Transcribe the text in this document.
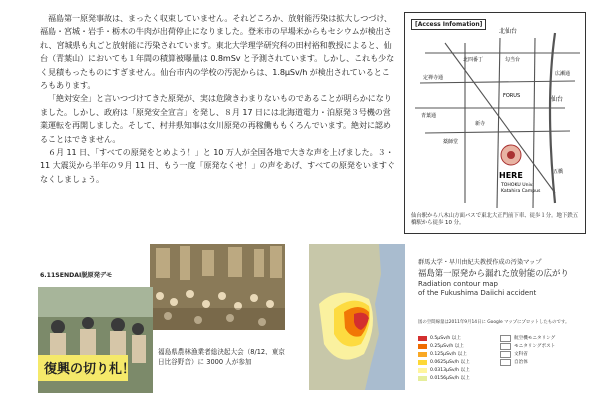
　福島第一原発事故は、まったく収束していません。それどころか、放射能汚染は拡大しつづけ、福島・宮城・岩手・栃木の牛肉が出荷停止になりました。登米市の早場米からもセシウムが検出され、宮城県も丸ごと放射能に汚染されています。東北大学理学研究科の田村裕和教授によると、仙台（青葉山）においても１年間の積算被曝量は 0.8mSv と予測されています。しかし、これも少なく見積もったものにすぎません。仙台市内の学校の汚泥からは、1.8μSv/h が検出されているところもあります。

「絶対安全」と言いつづけてきた原発が、実は危険きわまりないものであることが明らかになりました。しかし、政府は「原発安全宣言」を発し、８月 17 日には北海道電力・泊原発３号機の営業運転を再開しました。そして、村井県知事は女川原発の再稼働ももくろんでいます。絶対に認めることはできません。

６月 11 日、「すべての原発をとめよう！」と 10 万人が全国各地で大きな声を上げました。３・11 大震災から半年の９月 11 日、もう一度「原発なくせ！」の声をあげ、すべての原発をいますぐなくしましょう。

北仙台
北四番丁	勾当台
定禅寺通
FORUS	仙台
青葉通
広瀬通
新寺
薬師堂
HERE
TOHOKU Univ.
Katahira Campus
五橋
[Access Infomation]
仙台駅から八木山方面バスで東北大正門前下車、徒歩１分。地下鉄五橋駅から徒歩 10 分。
6.11SENDAI脱原発デモ
復興の切り札！
福島県農林漁業者総決起大会（8/12、東京日比谷野音）に 3000 人が参加
群馬大学・早川由紀夫教授作成の汚染マップ
福島第一原発から漏れた放射能の広がり
Radiation contour map
of the Fukushima Daiichi accident
図の空間線量は2011年9月14日に Google マップにプロットしたものです。
0.5μSv/h 以上
0.25μSv/h 以上
0.125μSv/h 以上
0.0625μSv/h 以上
0.0313μSv/h 以上
0.0156μSv/h 以上
航空機モニタリング
モニタリングポスト
文科省
自治体
